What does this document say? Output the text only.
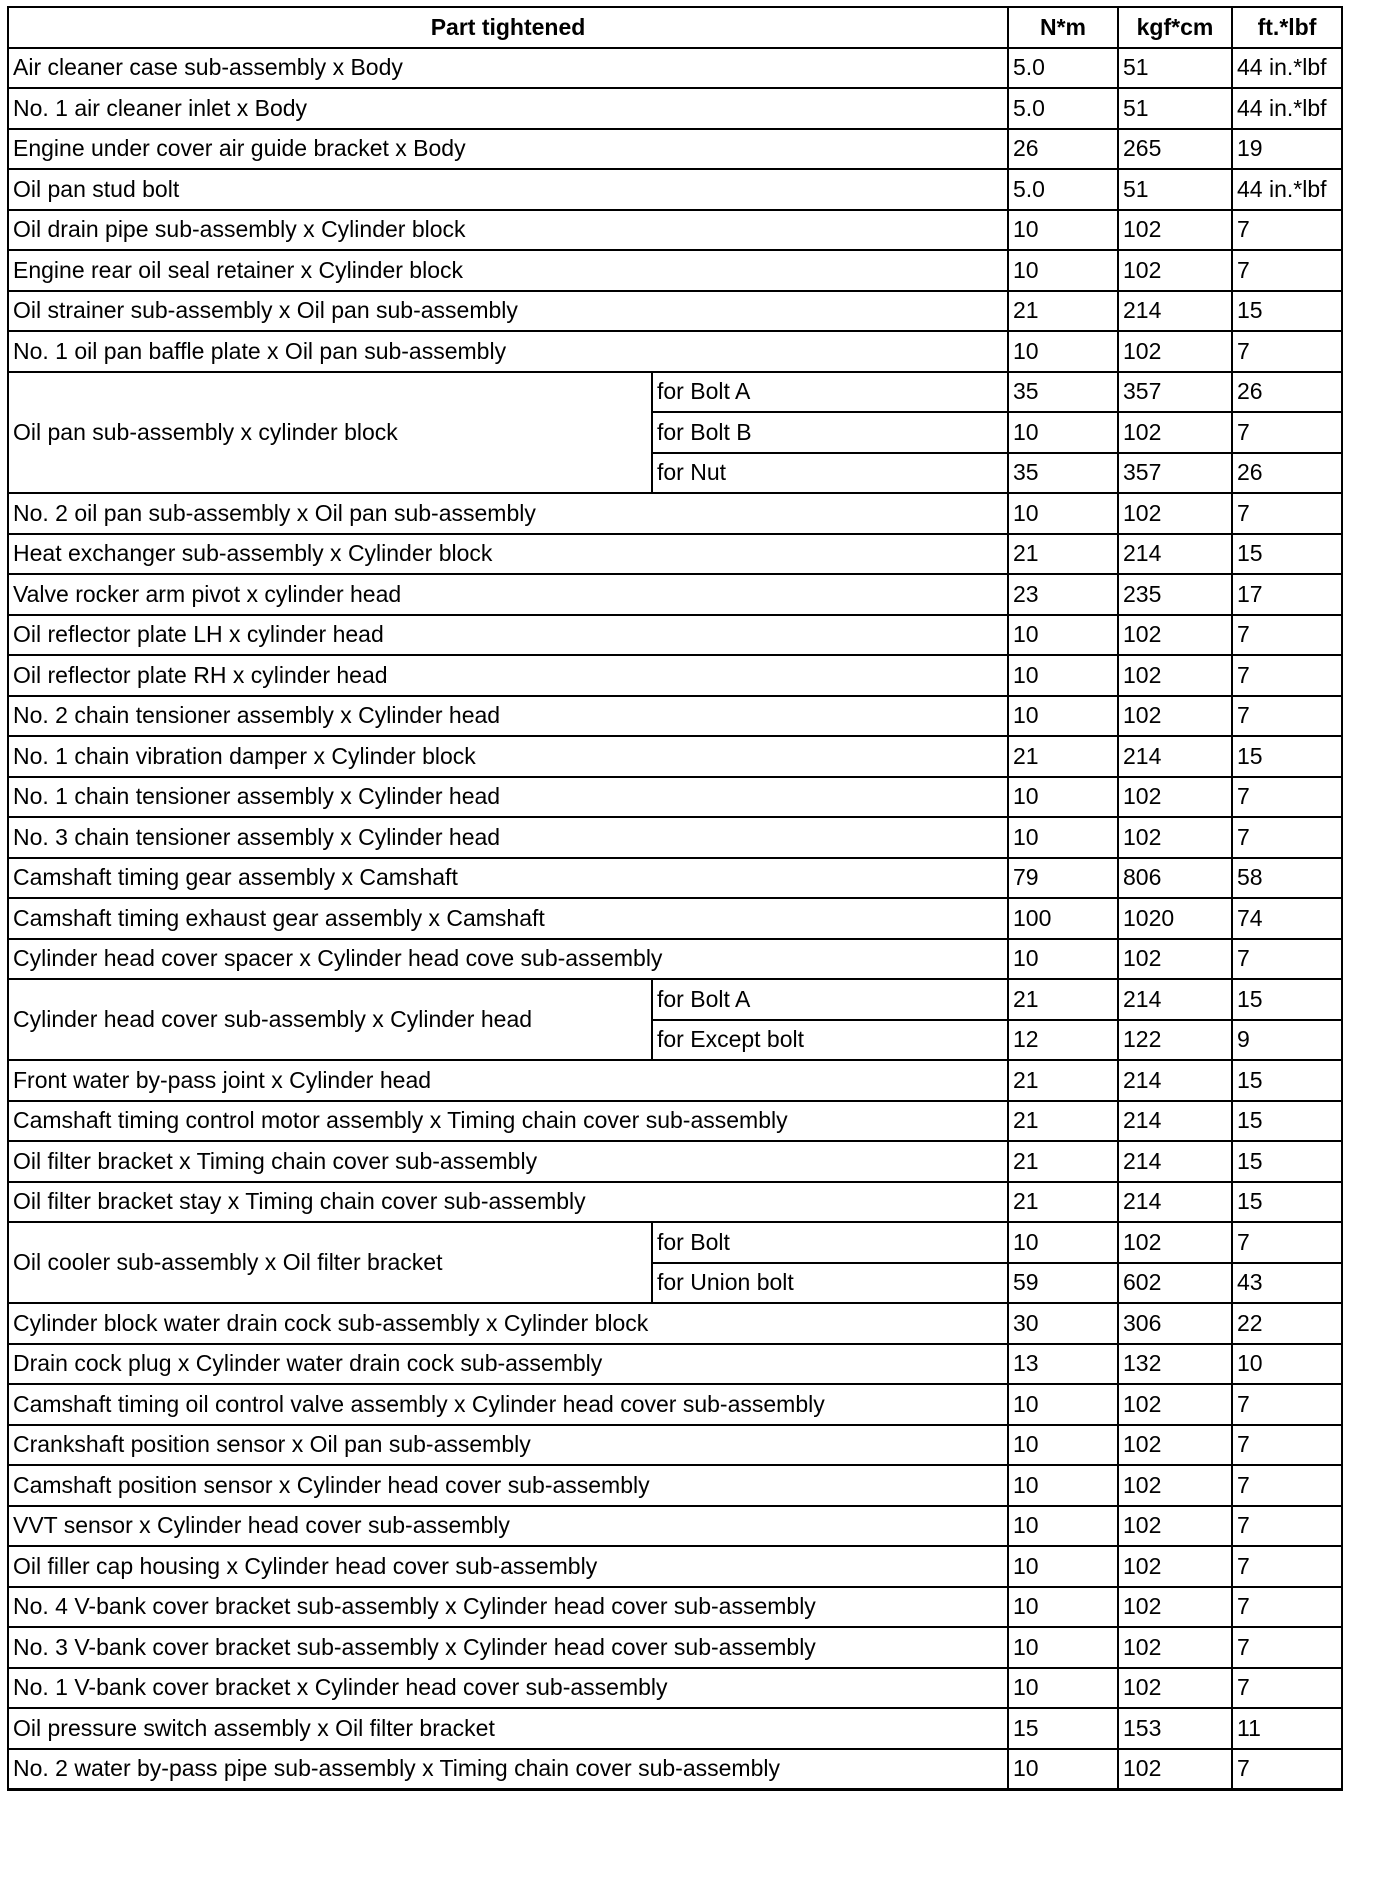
Part tightened		N*m	kgf*cm	ft.*lbf
Air cleaner case sub-assembly x Body		5.0	51	44 in.*lbf
No. 1 air cleaner inlet x Body		5.0	51	44 in.*lbf
Engine under cover air guide bracket x Body		26	265	19
Oil pan stud bolt		5.0	51	44 in.*lbf
Oil drain pipe sub-assembly x Cylinder block		10	102	7
Engine rear oil seal retainer x Cylinder block		10	102	7
Oil strainer sub-assembly x Oil pan sub-assembly		21	214	15
No. 1 oil pan baffle plate x Oil pan sub-assembly		10	102	7
Oil pan sub-assembly x cylinder block	for Bolt A	35	357	26
	for Bolt B	10	102	7
	for Nut	35	357	26
No. 2 oil pan sub-assembly x Oil pan sub-assembly		10	102	7
Heat exchanger sub-assembly x Cylinder block		21	214	15
Valve rocker arm pivot x cylinder head		23	235	17
Oil reflector plate LH x cylinder head		10	102	7
Oil reflector plate RH x cylinder head		10	102	7
No. 2 chain tensioner assembly x Cylinder head		10	102	7
No. 1 chain vibration damper x Cylinder block		21	214	15
No. 1 chain tensioner assembly x Cylinder head		10	102	7
No. 3 chain tensioner assembly x Cylinder head		10	102	7
Camshaft timing gear assembly x Camshaft		79	806	58
Camshaft timing exhaust gear assembly x Camshaft		100	1020	74
Cylinder head cover spacer x Cylinder head cove sub-assembly		10	102	7
Cylinder head cover sub-assembly x Cylinder head	for Bolt A	21	214	15
	for Except bolt	12	122	9
Front water by-pass joint x Cylinder head		21	214	15
Camshaft timing control motor assembly x Timing chain cover sub-assembly		21	214	15
Oil filter bracket x Timing chain cover sub-assembly		21	214	15
Oil filter bracket stay x Timing chain cover sub-assembly		21	214	15
Oil cooler sub-assembly x Oil filter bracket	for Bolt	10	102	7
	for Union bolt	59	602	43
Cylinder block water drain cock sub-assembly x Cylinder block		30	306	22
Drain cock plug x Cylinder water drain cock sub-assembly		13	132	10
Camshaft timing oil control valve assembly x Cylinder head cover sub-assembly		10	102	7
Crankshaft position sensor x Oil pan sub-assembly		10	102	7
Camshaft position sensor x Cylinder head cover sub-assembly		10	102	7
VVT sensor x Cylinder head cover sub-assembly		10	102	7
Oil filler cap housing x Cylinder head cover sub-assembly		10	102	7
No. 4 V-bank cover bracket sub-assembly x Cylinder head cover sub-assembly		10	102	7
No. 3 V-bank cover bracket sub-assembly x Cylinder head cover sub-assembly		10	102	7
No. 1 V-bank cover bracket x Cylinder head cover sub-assembly		10	102	7
Oil pressure switch assembly x Oil filter bracket		15	153	11
No. 2 water by-pass pipe sub-assembly x Timing chain cover sub-assembly		10	102	7
